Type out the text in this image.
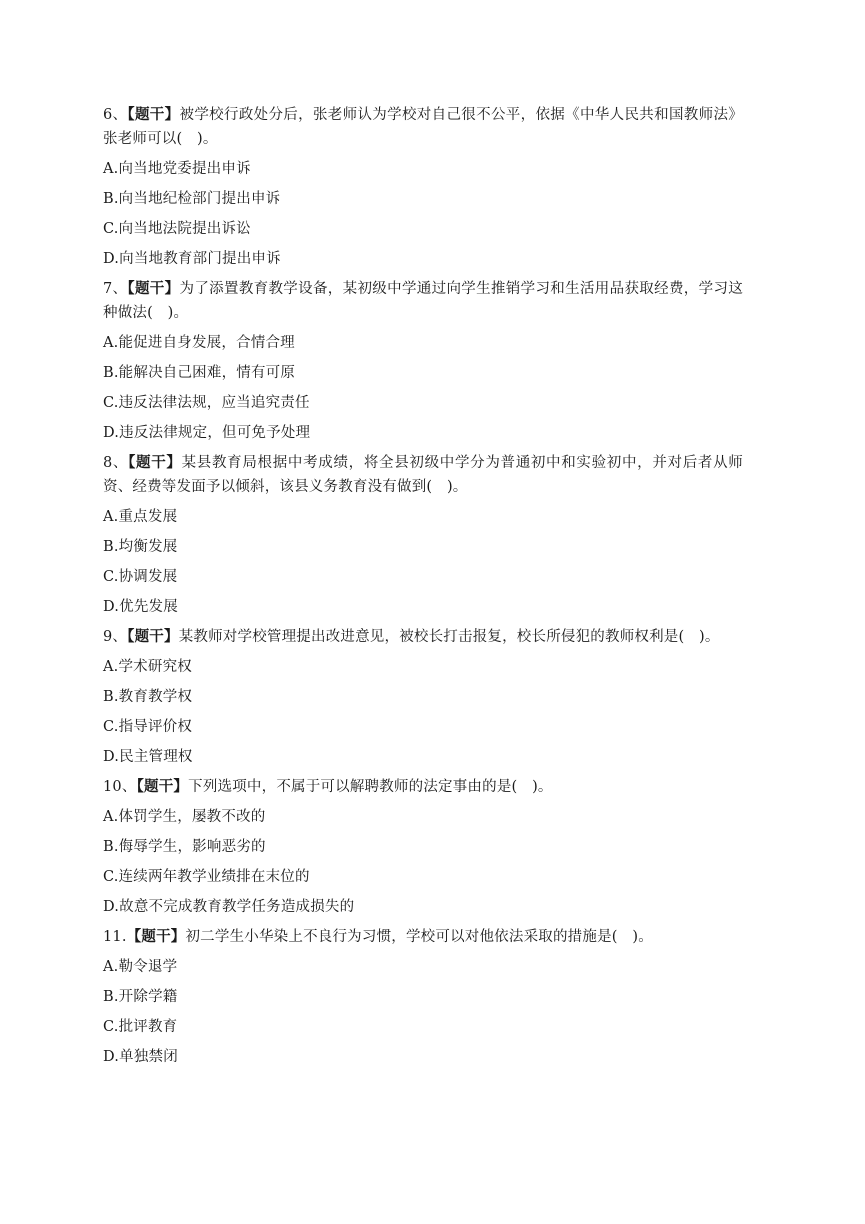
6、【题干】被学校行政处分后，张老师认为学校对自己很不公平，依据《中华人民共和国教师法》张老师可以(　)。

A.向当地党委提出申诉

B.向当地纪检部门提出申诉

C.向当地法院提出诉讼

D.向当地教育部门提出申诉

7、【题干】为了添置教育教学设备，某初级中学通过向学生推销学习和生活用品获取经费，学习这种做法(　)。

A.能促进自身发展，合情合理

B.能解决自己困难，情有可原

C.违反法律法规，应当追究责任

D.违反法律规定，但可免予处理

8、【题干】某县教育局根据中考成绩，将全县初级中学分为普通初中和实验初中，并对后者从师资、经费等发面予以倾斜，该县义务教育没有做到(　)。

A.重点发展

B.均衡发展

C.协调发展

D.优先发展

9、【题干】某教师对学校管理提出改进意见，被校长打击报复，校长所侵犯的教师权利是(　)。

A.学术研究权

B.教育教学权

C.指导评价权

D.民主管理权

10、【题干】下列选项中，不属于可以解聘教师的法定事由的是(　)。

A.体罚学生，屡教不改的

B.侮辱学生，影响恶劣的

C.连续两年教学业绩排在末位的

D.故意不完成教育教学任务造成损失的

11.【题干】初二学生小华染上不良行为习惯，学校可以对他依法采取的措施是(　)。

A.勒令退学

B.开除学籍

C.批评教育

D.单独禁闭
